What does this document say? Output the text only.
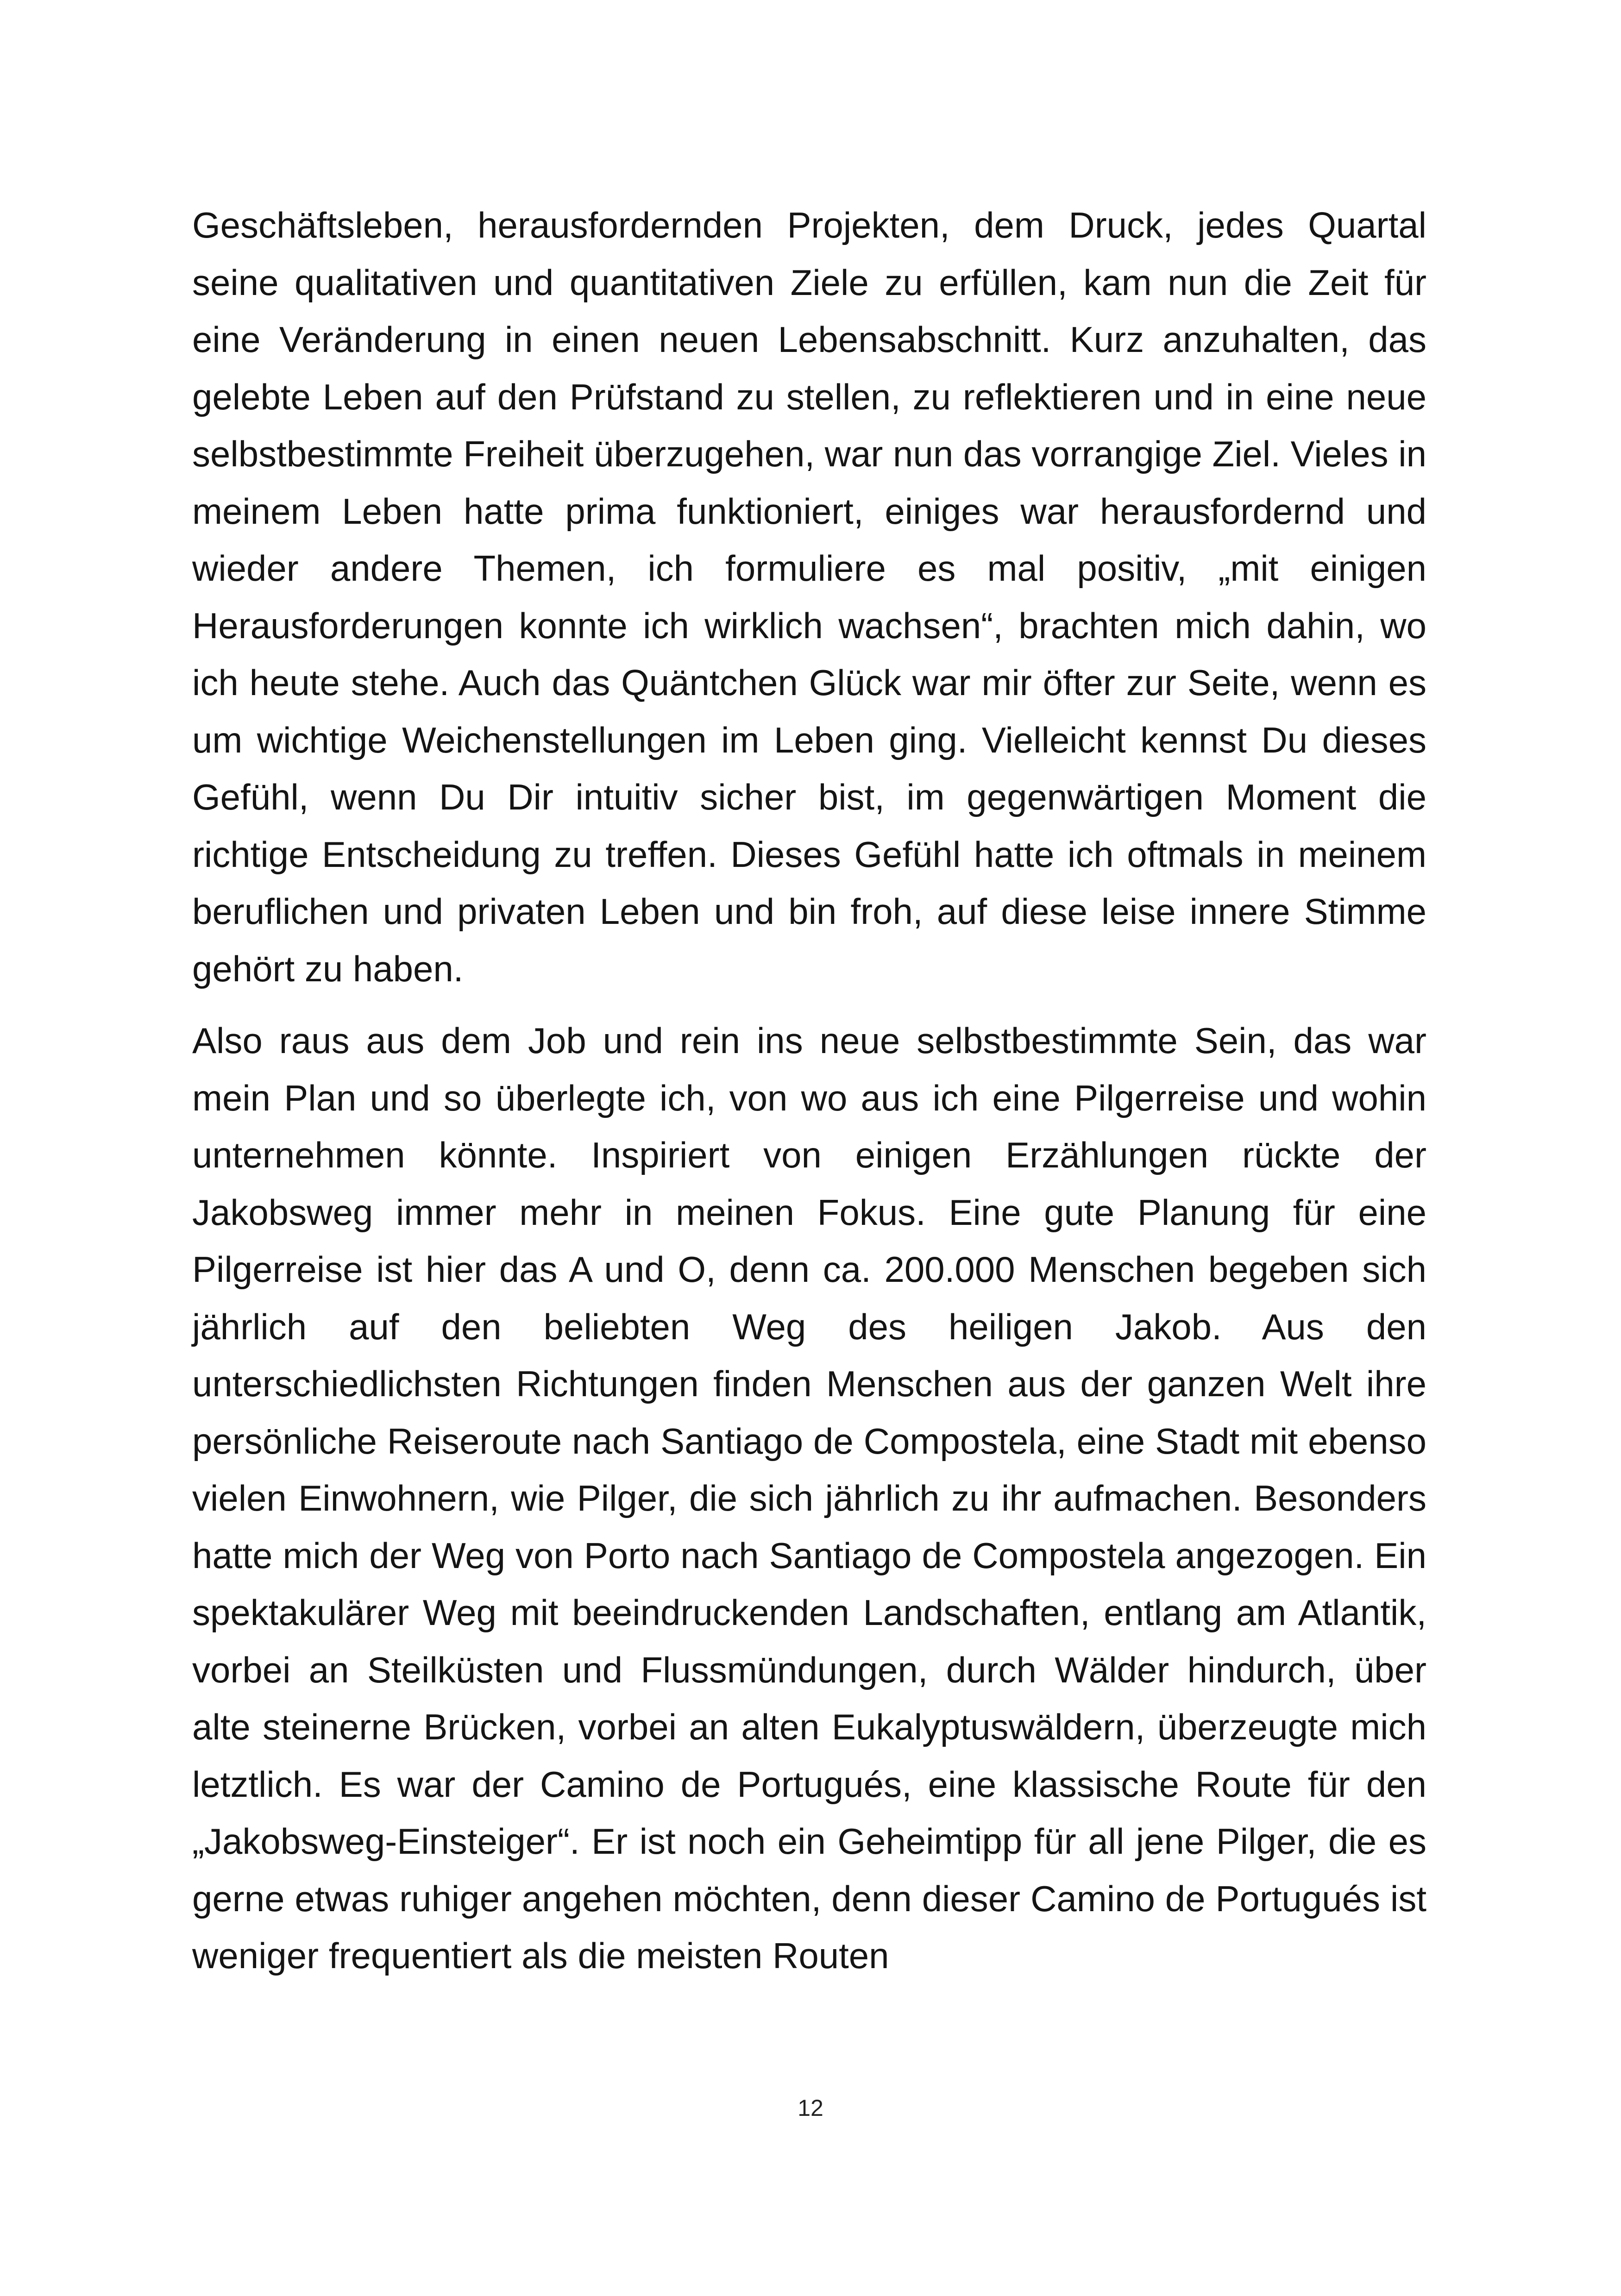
Geschäftsleben, herausfordernden Projekten, dem Druck, jedes Quartal seine qualitativen und quantitativen Ziele zu erfüllen, kam nun die Zeit für eine Veränderung in einen neuen Lebensabschnitt. Kurz anzuhalten, das gelebte Leben auf den Prüfstand zu stellen, zu reflektieren und in eine neue selbstbestimmte Freiheit überzugehen, war nun das vorrangige Ziel. Vieles in meinem Leben hatte prima funktioniert, einiges war herausfordernd und wieder andere Themen, ich formuliere es mal positiv, „mit einigen Herausforderungen konnte ich wirklich wachsen“, brachten mich dahin, wo ich heute stehe. Auch das Quäntchen Glück war mir öfter zur Seite, wenn es um wichtige Weichenstellungen im Leben ging. Vielleicht kennst Du dieses Gefühl, wenn Du Dir intuitiv sicher bist, im gegenwärtigen Moment die richtige Entscheidung zu treffen. Dieses Gefühl hatte ich oftmals in meinem beruflichen und privaten Leben und bin froh, auf diese leise innere Stimme gehört zu haben.

Also raus aus dem Job und rein ins neue selbstbestimmte Sein, das war mein Plan und so überlegte ich, von wo aus ich eine Pilgerreise und wohin unternehmen könnte. Inspiriert von einigen Erzählungen rückte der Jakobsweg immer mehr in meinen Fokus. Eine gute Planung für eine Pilgerreise ist hier das A und O, denn ca. 200.000 Menschen begeben sich jährlich auf den beliebten Weg des heiligen Jakob. Aus den unterschiedlichsten Richtungen finden Menschen aus der ganzen Welt ihre persönliche Reiseroute nach Santiago de Compostela, eine Stadt mit ebenso vielen Einwohnern, wie Pilger, die sich jährlich zu ihr aufmachen. Besonders hatte mich der Weg von Porto nach Santiago de Compostela angezogen. Ein spektakulärer Weg mit beeindruckenden Landschaften, entlang am Atlantik, vorbei an Steilküsten und Flussmündungen, durch Wälder hindurch, über alte steinerne Brücken, vorbei an alten Eukalyptuswäldern, überzeugte mich letztlich. Es war der Camino de Portugués, eine klassische Route für den „Jakobsweg-Einsteiger“. Er ist noch ein Geheimtipp für all jene Pilger, die es gerne etwas ruhiger angehen möchten, denn dieser Camino de Portugués ist weniger frequentiert als die meisten Routen

12
